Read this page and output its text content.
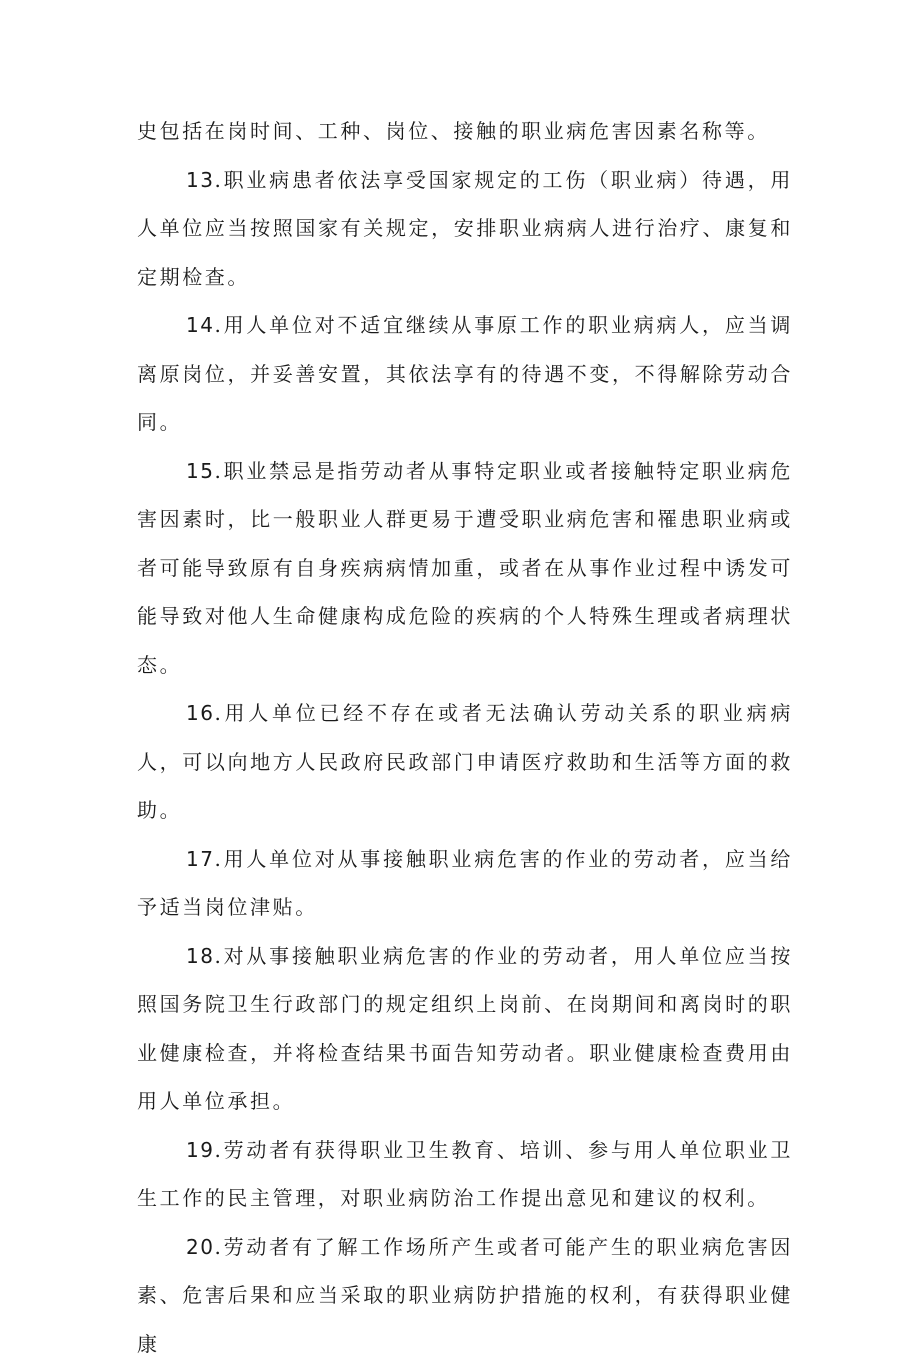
史包括在岗时间、工种、岗位、接触的职业病危害因素名称等。

13.职业病患者依法享受国家规定的工伤（职业病）待遇，用人单位应当按照国家有关规定，安排职业病病人进行治疗、康复和定期检查。

14.用人单位对不适宜继续从事原工作的职业病病人，应当调离原岗位，并妥善安置，其依法享有的待遇不变，不得解除劳动合同。

15.职业禁忌是指劳动者从事特定职业或者接触特定职业病危害因素时，比一般职业人群更易于遭受职业病危害和罹患职业病或者可能导致原有自身疾病病情加重，或者在从事作业过程中诱发可能导致对他人生命健康构成危险的疾病的个人特殊生理或者病理状态。

16.用人单位已经不存在或者无法确认劳动关系的职业病病人，可以向地方人民政府民政部门申请医疗救助和生活等方面的救助。

17.用人单位对从事接触职业病危害的作业的劳动者，应当给予适当岗位津贴。

18.对从事接触职业病危害的作业的劳动者，用人单位应当按照国务院卫生行政部门的规定组织上岗前、在岗期间和离岗时的职业健康检查，并将检查结果书面告知劳动者。职业健康检查费用由用人单位承担。

19.劳动者有获得职业卫生教育、培训、参与用人单位职业卫生工作的民主管理，对职业病防治工作提出意见和建议的权利。

20.劳动者有了解工作场所产生或者可能产生的职业病危害因素、危害后果和应当采取的职业病防护措施的权利，有获得职业健康
